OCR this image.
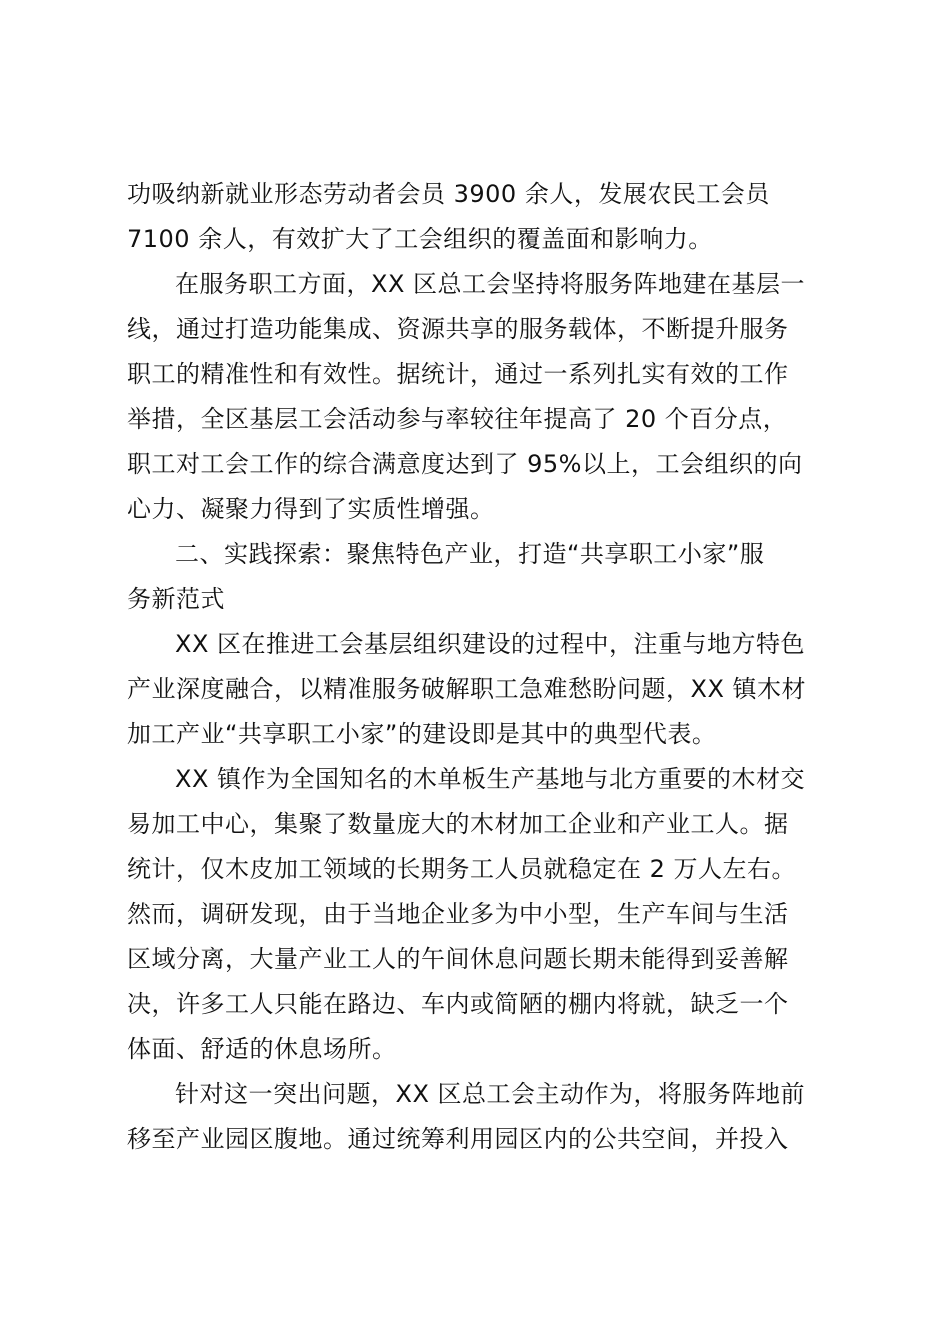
功吸纳新就业形态劳动者会员 3900 余人，发展农民工会员
7100 余人，有效扩大了工会组织的覆盖面和影响力。
在服务职工方面，XX 区总工会坚持将服务阵地建在基层一
线，通过打造功能集成、资源共享的服务载体，不断提升服务
职工的精准性和有效性。据统计，通过一系列扎实有效的工作
举措，全区基层工会活动参与率较往年提高了 20 个百分点，
职工对工会工作的综合满意度达到了 95%以上，工会组织的向
心力、凝聚力得到了实质性增强。
二、实践探索：聚焦特色产业，打造“共享职工小家”服
务新范式
XX 区在推进工会基层组织建设的过程中，注重与地方特色
产业深度融合，以精准服务破解职工急难愁盼问题，XX 镇木材
加工产业“共享职工小家”的建设即是其中的典型代表。
XX 镇作为全国知名的木单板生产基地与北方重要的木材交
易加工中心，集聚了数量庞大的木材加工企业和产业工人。据
统计，仅木皮加工领域的长期务工人员就稳定在 2 万人左右。
然而，调研发现，由于当地企业多为中小型，生产车间与生活
区域分离，大量产业工人的午间休息问题长期未能得到妥善解
决，许多工人只能在路边、车内或简陋的棚内将就，缺乏一个
体面、舒适的休息场所。
针对这一突出问题，XX 区总工会主动作为，将服务阵地前
移至产业园区腹地。通过统筹利用园区内的公共空间，并投入
